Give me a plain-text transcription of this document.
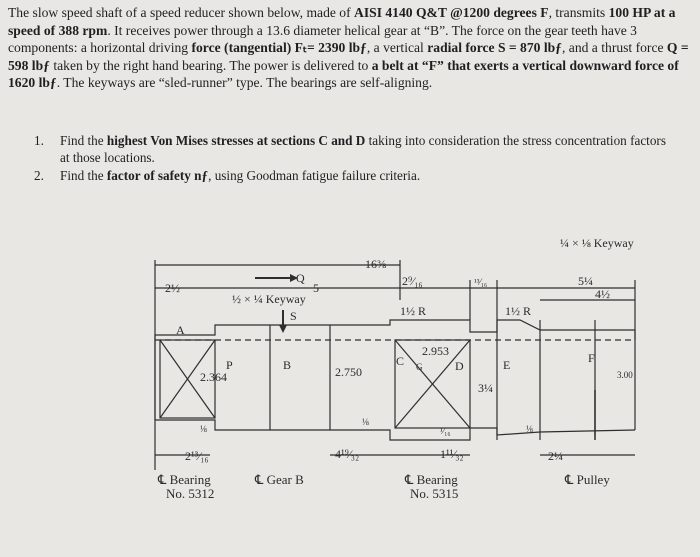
The slow speed shaft of a speed reducer shown below, made of AISI 4140 Q&T @1200 degrees F, transmits 100 HP at a speed of 388 rpm. It receives power through a 13.6 diameter helical gear at “B”. The force on the gear teeth have 3 components: a horizontal driving force (tangential) Fₜ= 2390 lbƒ, a vertical radial force S = 870 lbƒ, and a thrust force Q = 598 lbƒ taken by the right hand bearing. The power is delivered to a belt at “F” that exerts a vertical downward force of 1620 lbƒ. The keyways are “sled-runner” type. The bearings are self-aligning.
1.	Find the highest Von Mises stresses at sections C and D taking into consideration the stress concentration factors at those locations.
2.	Find the factor of safety nƒ, using Goodman fatigue failure criteria.
¼ × ⅛ Keyway
½ × ¼ Keyway
16⅜
2½	2⁹⁄₁₆	¹³⁄₁₆	5¼
4½
5
Q
S	1½ R	1½ R
A
P	B	C G	D	E	F
2.364	2.750
2.953
3¼
3.00
⅛
⅛
⅛
¹⁄₁₆
2¹³⁄₁₆	4¹⁹⁄₃₂	1¹¹⁄₃₂	2¼
℄ Bearing
No. 5312
℄ Gear B	℄ Bearing
No. 5315
℄ Pulley
